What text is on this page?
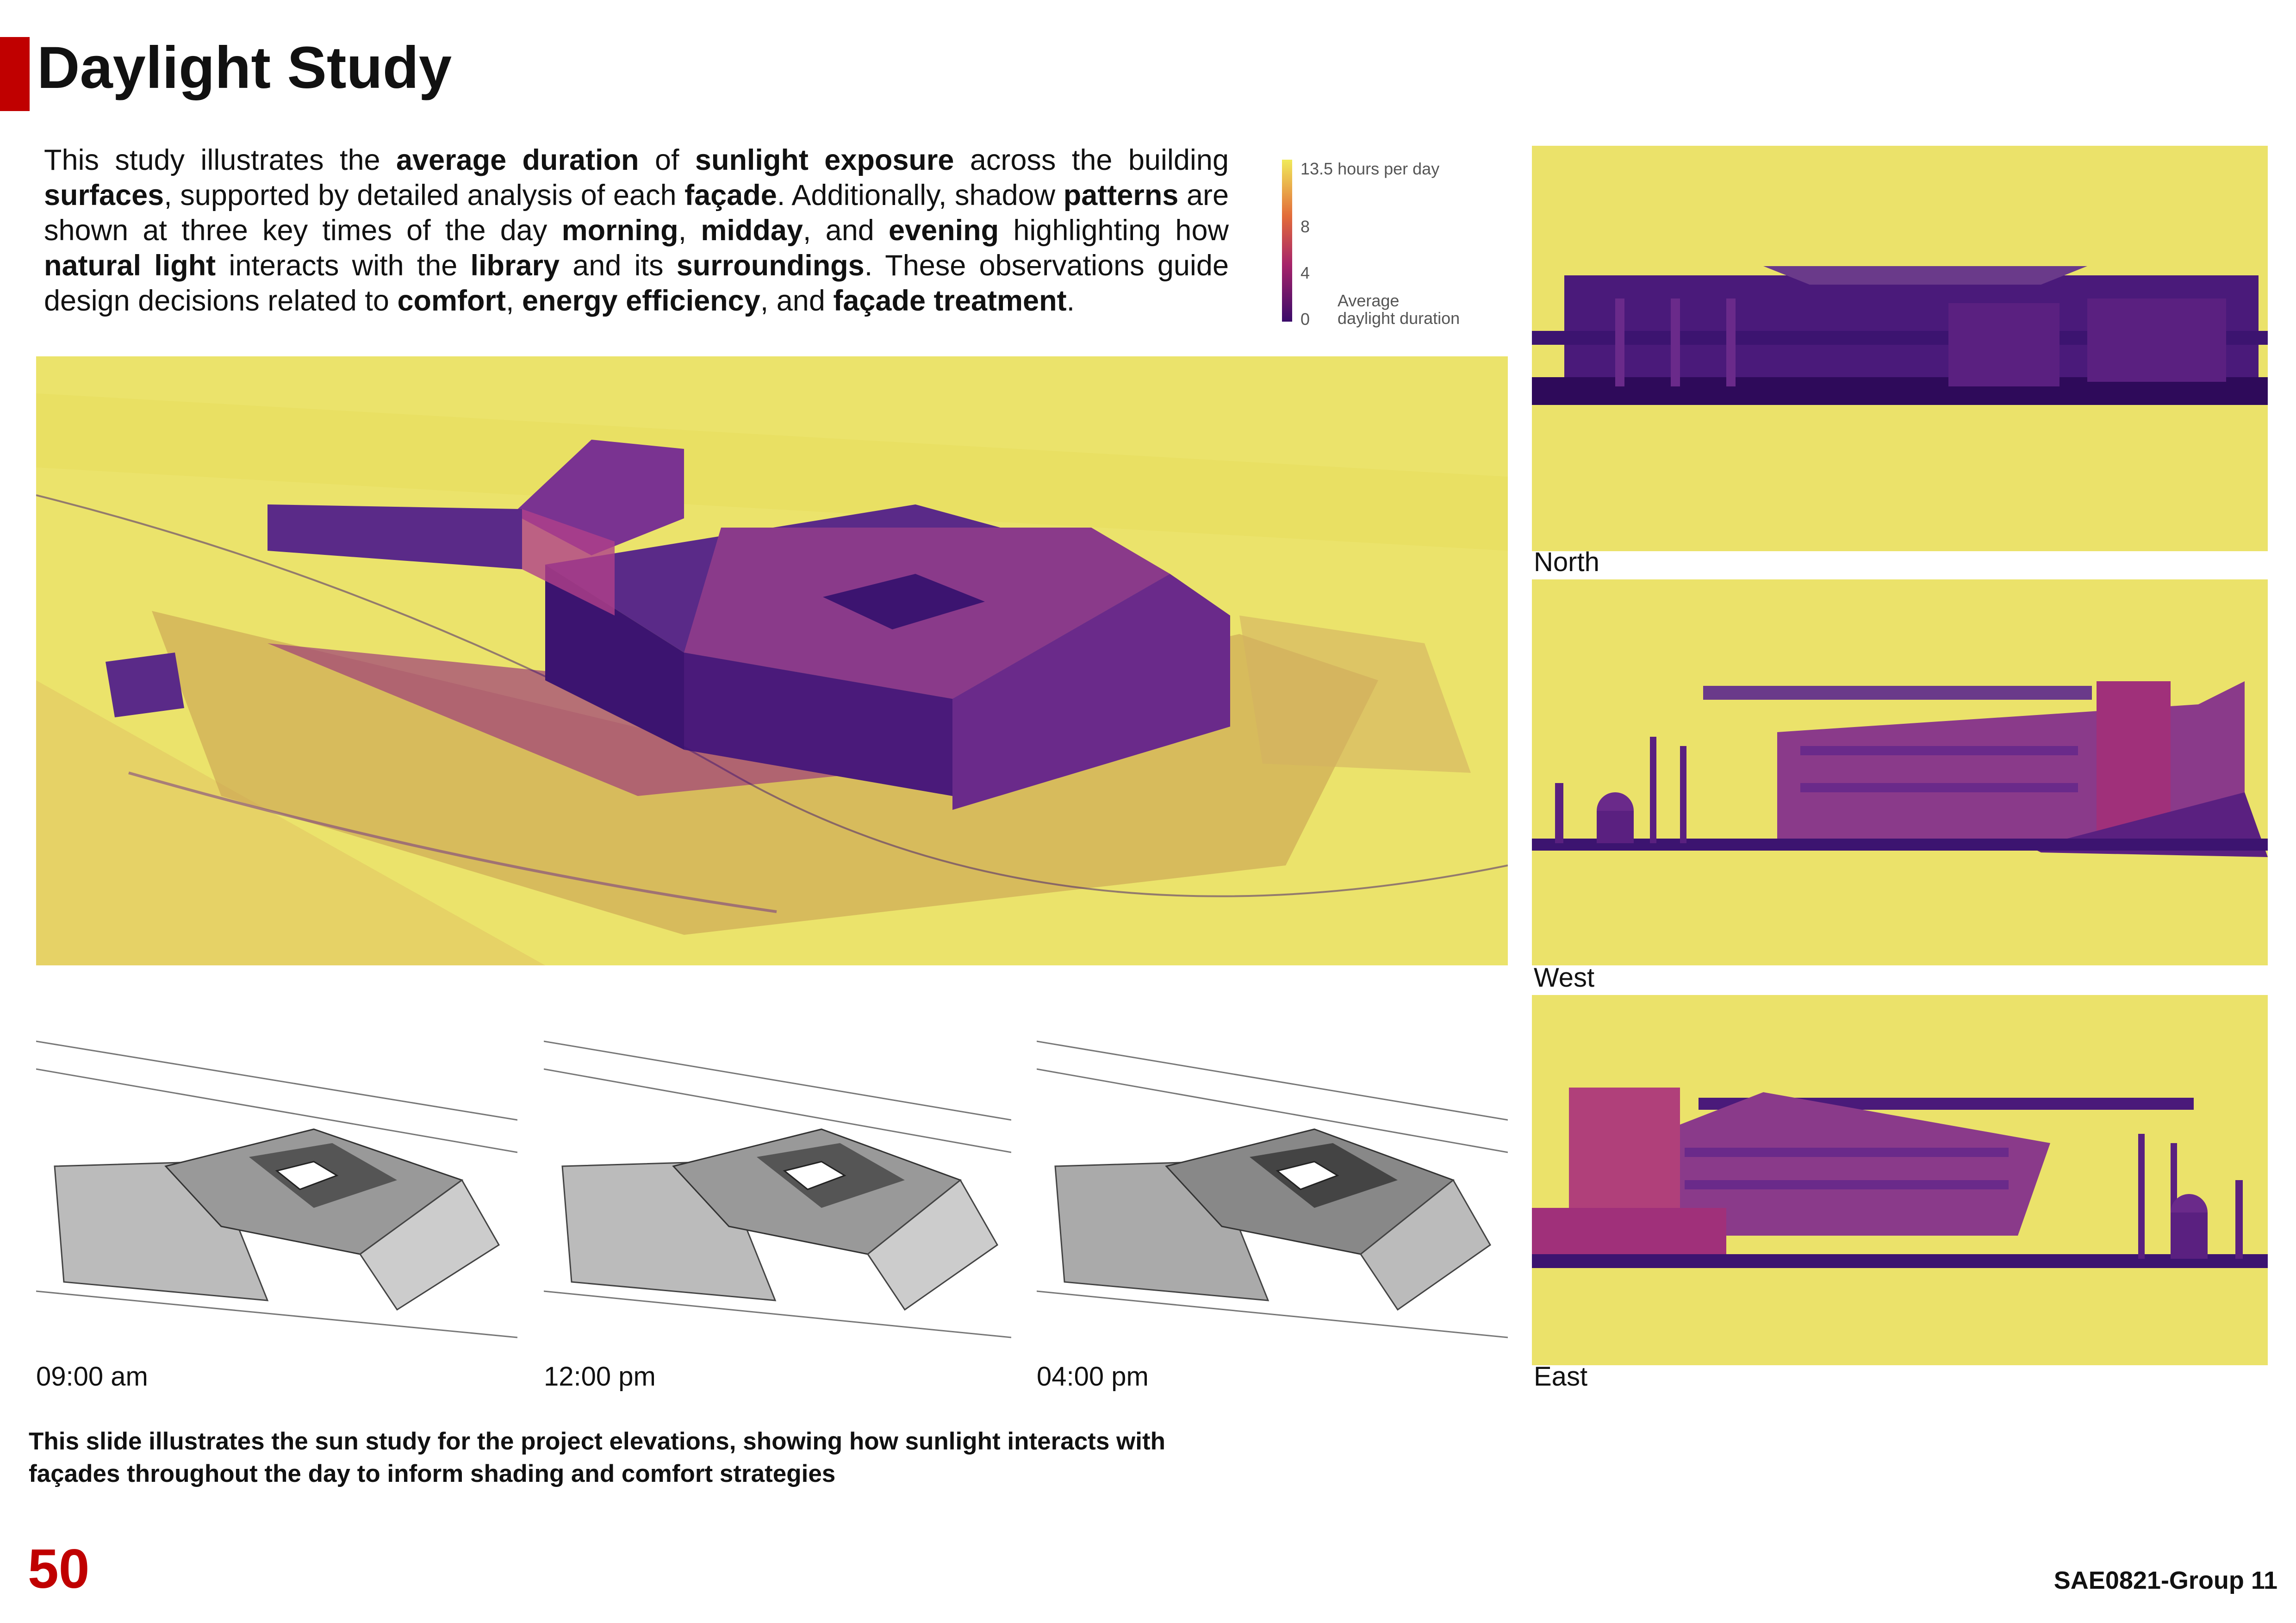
Daylight Study
This study illustrates the average duration of sunlight exposure across the building surfaces, supported by detailed analysis of each façade. Additionally, shadow patterns are shown at three key times of the day morning, midday, and evening highlighting how natural light interacts with the library and its surroundings. These observations guide design decisions related to comfort, energy efficiency, and façade treatment.
13.5 hours per day
8
4
0
Average
daylight duration
09:00 am	12:00 pm	04:00 pm
North
West
East
This slide illustrates the sun study for the project elevations, showing how sunlight interacts with façades throughout the day to inform shading and comfort strategies
50	SAE0821-Group 11
